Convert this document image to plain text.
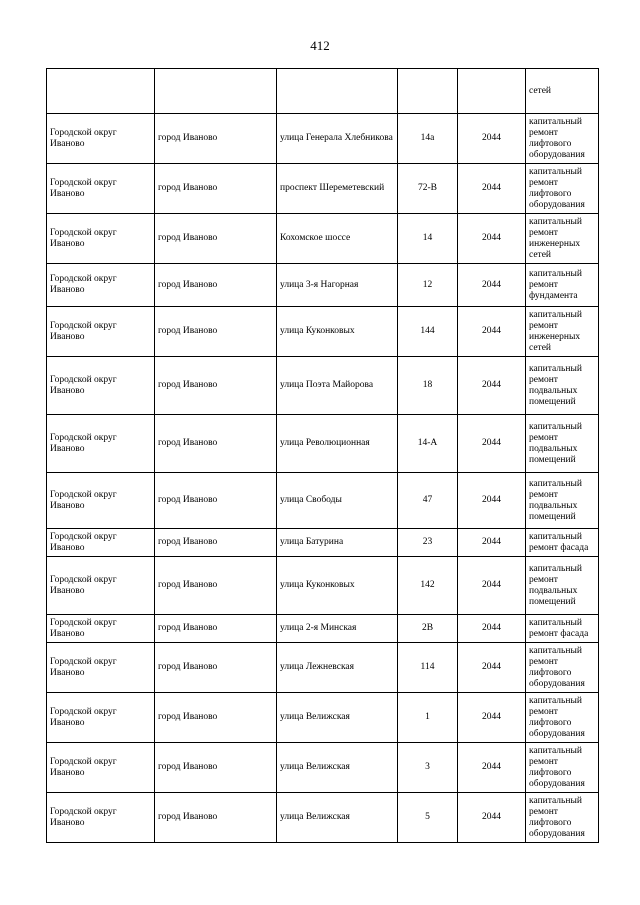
412
					сетей
Городской округ Иваново	город Иваново	улица Генерала Хлебникова	14а	2044	капитальный ремонт лифтового оборудования
Городской округ Иваново	город Иваново	проспект Шереметевский	72-В	2044	капитальный ремонт лифтового оборудования
Городской округ Иваново	город Иваново	Кохомское шоссе	14	2044	капитальный ремонт инженерных сетей
Городской округ Иваново	город Иваново	улица 3-я Нагорная	12	2044	капитальный ремонт фундамента
Городской округ Иваново	город Иваново	улица Куконковых	144	2044	капитальный ремонт инженерных сетей
Городской округ Иваново	город Иваново	улица Поэта Майорова	18	2044	капитальный ремонт подвальных помещений
Городской округ Иваново	город Иваново	улица Революционная	14-А	2044	капитальный ремонт подвальных помещений
Городской округ Иваново	город Иваново	улица Свободы	47	2044	капитальный ремонт подвальных помещений
Городской округ Иваново	город Иваново	улица Батурина	23	2044	капитальный ремонт фасада
Городской округ Иваново	город Иваново	улица Куконковых	142	2044	капитальный ремонт подвальных помещений
Городской округ Иваново	город Иваново	улица 2-я Минская	2В	2044	капитальный ремонт фасада
Городской округ Иваново	город Иваново	улица Лежневская	114	2044	капитальный ремонт лифтового оборудования
Городской округ Иваново	город Иваново	улица Велижская	1	2044	капитальный ремонт лифтового оборудования
Городской округ Иваново	город Иваново	улица Велижская	3	2044	капитальный ремонт лифтового оборудования
Городской округ Иваново	город Иваново	улица Велижская	5	2044	капитальный ремонт лифтового оборудования
